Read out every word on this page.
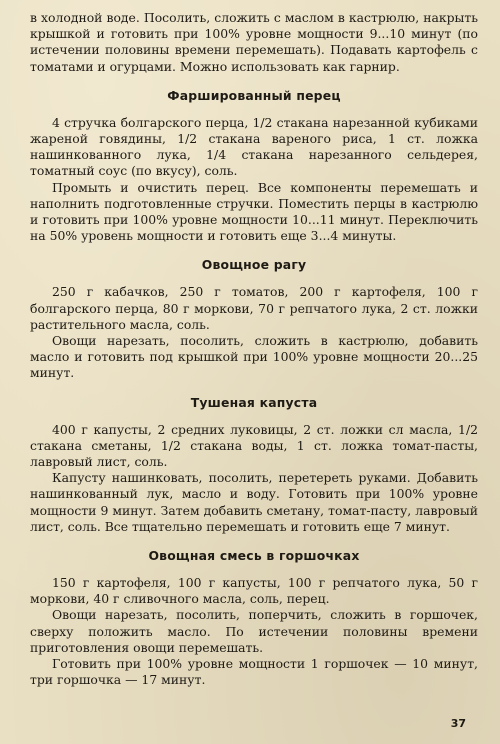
в холодной воде. Посолить, сложить с маслом в кастрюлю, накрыть крышкой и готовить при 100% уровне мощности 9...10 минут (по истечении половины времени перемешать). Подавать картофель с томатами и огурцами. Можно использовать как гарнир.

Фаршированный перец

4 стручка болгарского перца, 1/2 стакана нарезанной кубиками жареной говядины, 1/2 стакана вареного риса, 1 ст. ложка нашинкованного лука, 1/4 стакана нарезанного сельдерея, томатный соус (по вкусу), соль.

Промыть и очистить перец. Все компоненты перемешать и наполнить подготовленные стручки. Поместить перцы в кастрюлю и готовить при 100% уровне мощности 10...11 минут. Переключить на 50% уровень мощности и готовить еще 3...4 минуты.

Овощное рагу

250 г кабачков, 250 г томатов, 200 г картофеля, 100 г болгарского перца, 80 г моркови, 70 г репчатого лука, 2 ст. ложки растительного масла, соль.

Овощи нарезать, посолить, сложить в кастрюлю, добавить масло и готовить под крышкой при 100% уровне мощности 20...25 минут.

Тушеная капуста

400 г капусты, 2 средних луковицы, 2 ст. ложки сл масла, 1/2 стакана сметаны, 1/2 стакана воды, 1 ст. ложка томат-пасты, лавровый лист, соль.

Капусту нашинковать, посолить, перетереть руками. Добавить нашинкованный лук, масло и воду. Готовить при 100% уровне мощности 9 минут. Затем добавить сметану, томат-пасту, лавровый лист, соль. Все тщательно перемешать и готовить еще 7 минут.

Овощная смесь в горшочках

150 г картофеля, 100 г капусты, 100 г репчатого лука, 50 г моркови, 40 г сливочного масла, соль, перец.

Овощи нарезать, посолить, поперчить, сложить в горшочек, сверху положить масло. По истечении половины времени приготовления овощи перемешать.

Готовить при 100% уровне мощности 1 горшочек — 10 минут, три горшочка — 17 минут.

37
